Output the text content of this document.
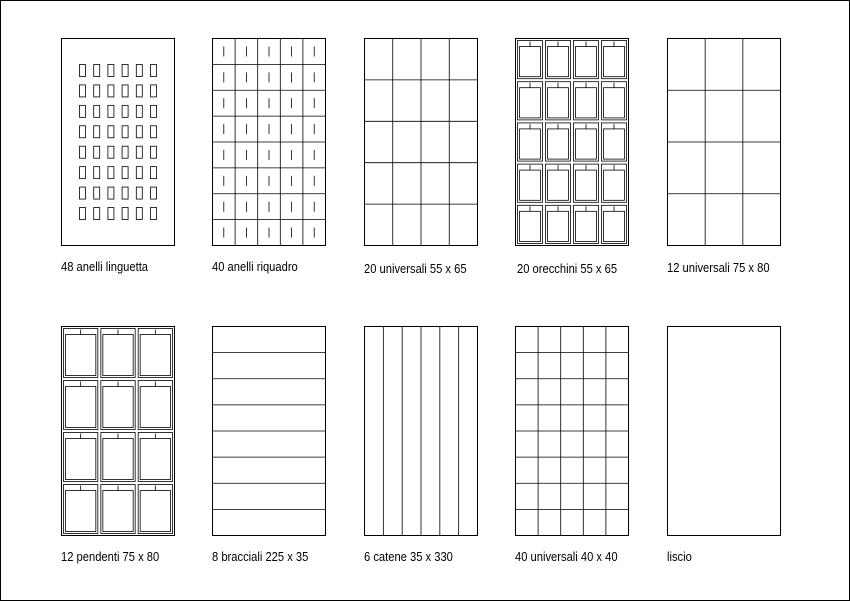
48 anelli linguetta	40 anelli riquadro	20 universali 55 x 65	20 orecchini 55 x 65	12 universali 75 x 80
12 pendenti 75 x 80	8 bracciali 225 x 35	6 catene 35 x 330	40 universali 40 x 40	liscio
